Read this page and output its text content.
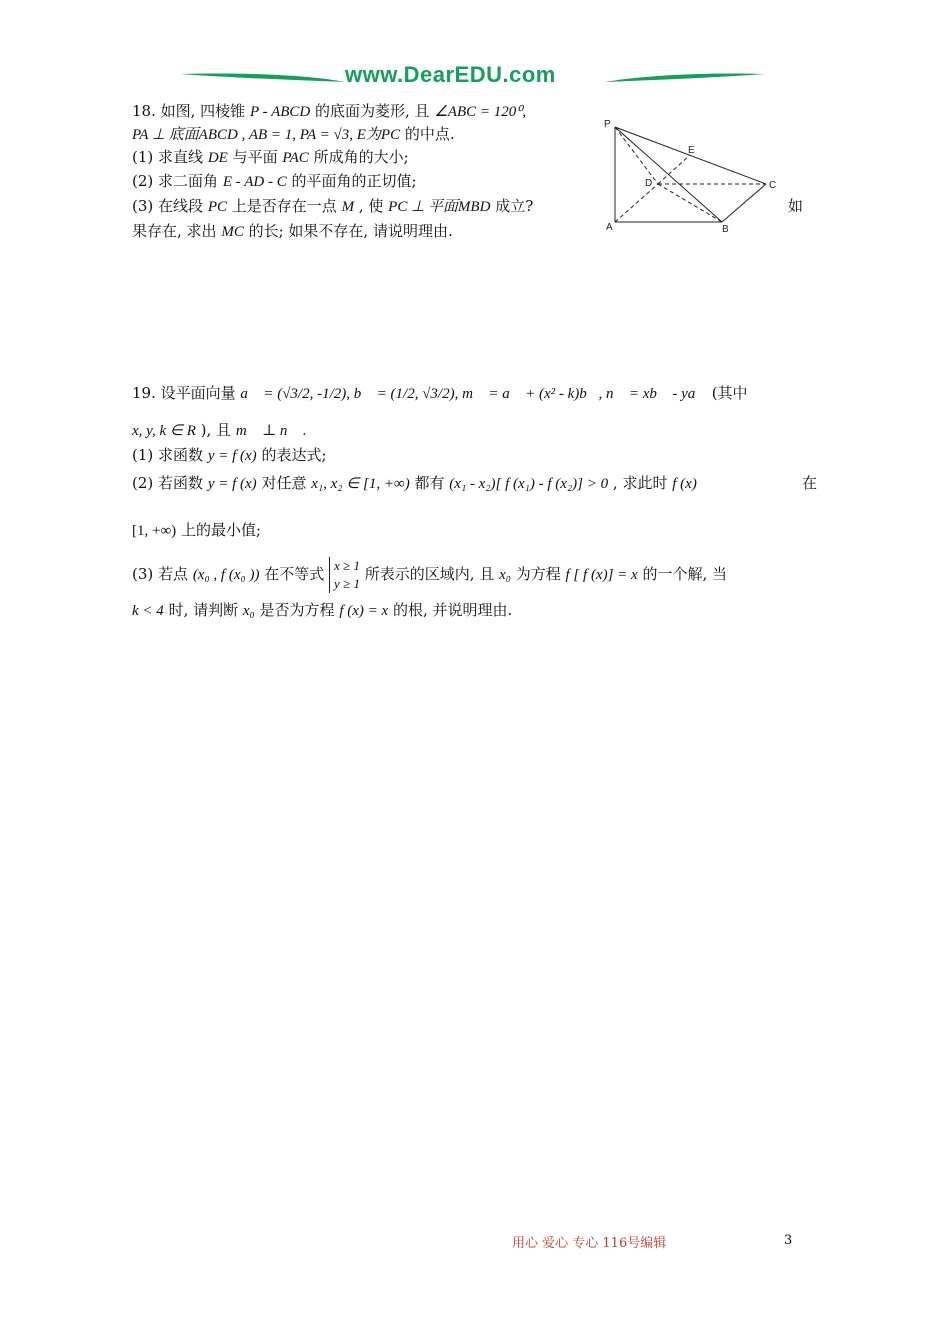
www.DearEDU.com
18. 如图, 四棱锥 P - ABCD 的底面为菱形, 且 ∠ABC = 120⁰,
PA ⊥ 底面ABCD , AB = 1, PA = √3, E为PC 的中点.
(1) 求直线 DE 与平面 PAC 所成角的大小;
(2) 求二面角 E - AD - C 的平面角的正切值;
(3) 在线段 PC 上是否存在一点 M , 使 PC ⊥ 平面MBD 成立?	如
果存在, 求出 MC 的长; 如果不存在, 请说明理由.
P
E
D	C
A	B
19. 设平面向量 a⃗ = (√3/2, -1/2), b⃗ = (1/2, √3/2), m⃗ = a⃗ + (x² - k)b⃗, n⃗ = xb⃗ - ya⃗ (其中
x, y, k ∈ R ), 且 m⃗ ⊥ n⃗ .
(1) 求函数 y = f (x) 的表达式;
(2) 若函数 y = f (x) 对任意 x₁, x₂ ∈ [1, +∞) 都有 (x₁ - x₂)[ f (x₁) - f (x₂)] > 0 , 求此时 f (x)	在
[1, +∞) 上的最小值;
(3) 若点 (x₀ , f (x₀ )) 在不等式 x ≥ 1
y ≥ 1
所表示的区域内, 且 x₀ 为方程 f [ f (x)] = x 的一个解, 当
k < 4 时, 请判断 x₀ 是否为方程 f (x) = x 的根, 并说明理由.
用心 爱心 专心 116号编辑	3
